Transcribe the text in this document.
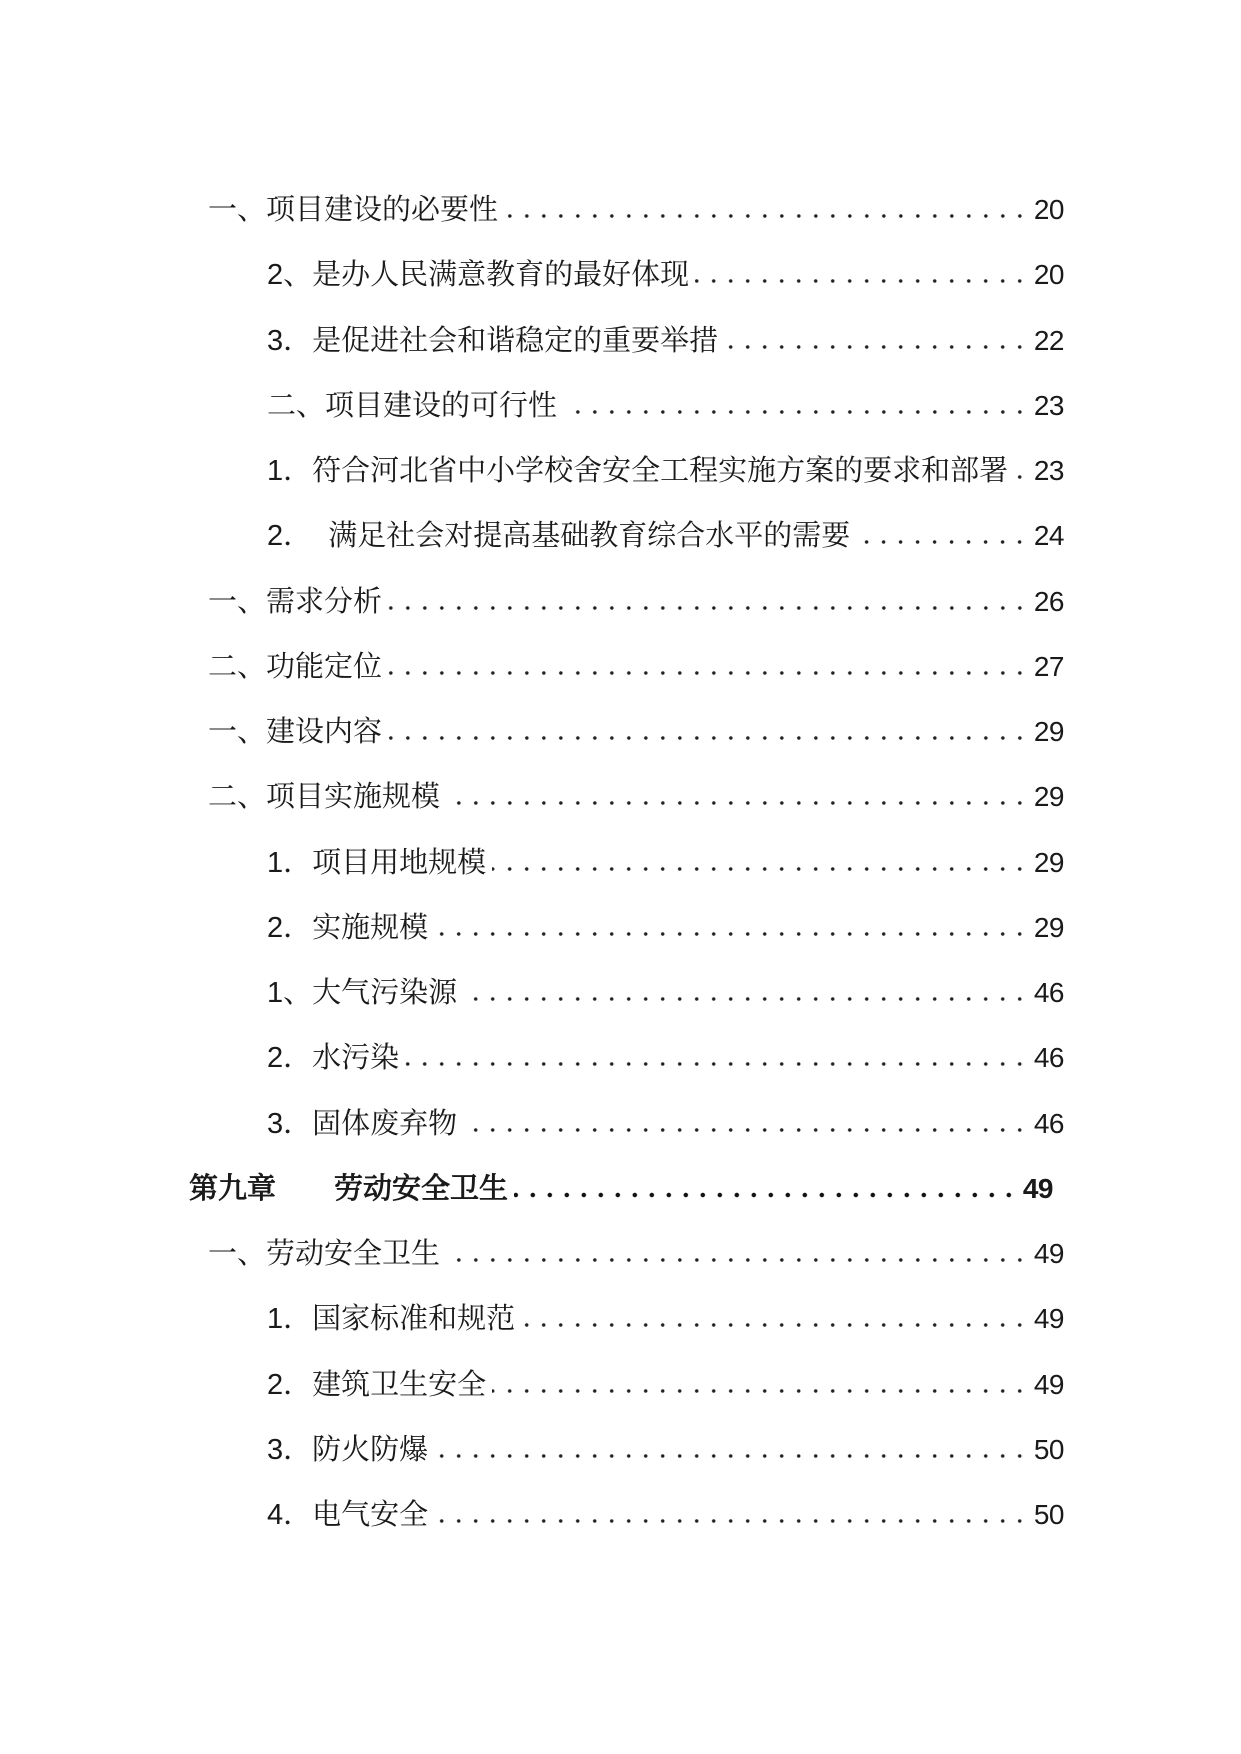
一、项目建设的必要性	20
2、是办人民满意教育的最好体现	20
3．是促进社会和谐稳定的重要举措	22
二、项目建设的可行性	23
1．符合河北省中小学校舍安全工程实施方案的要求和部署 23
2．  满足社会对提高基础教育综合水平的需要	24
一、需求分析	26
二、功能定位	27
一、建设内容	29
二、项目实施规模	29
1．项目用地规模	29
2．实施规模	29
1、大气污染源	46
2．水污染	46
3．固体废弃物	46
第九章 劳动安全卫生	49
一、劳动安全卫生	49
1．国家标准和规范	49
2．建筑卫生安全	49
3．防火防爆	50
4．电气安全	50
